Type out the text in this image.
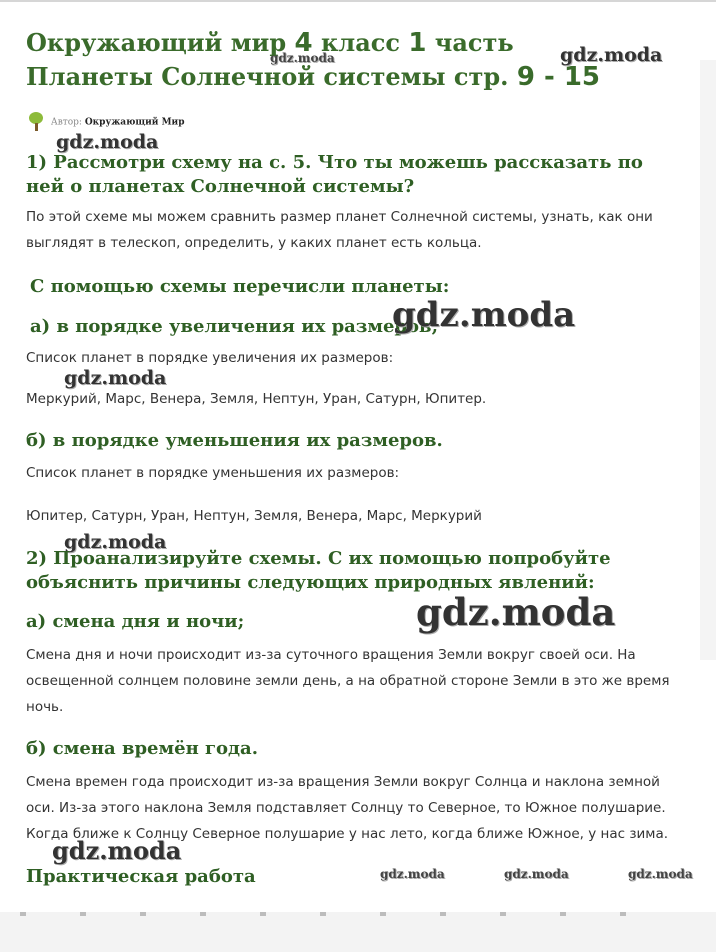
Окружающий мир 4 класс 1 часть Планеты Солнечной системы стр. 9 - 15
gdz.moda	gdz.moda
Автор: Окружающий Мир
gdz.moda
1) Рассмотри схему на с. 5. Что ты можешь рассказать по ней о планетах Солнечной системы?

По этой схеме мы можем сравнить размер планет Солнечной системы, узнать, как они выглядят в телескоп, определить, у каких планет есть кольца.

С помощью схемы перечисли планеты:
а) в порядке увеличения их размеров;
gdz.moda

Список планет в порядке увеличения их размеров:

gdz.moda

Меркурий, Марс, Венера, Земля, Нептун, Уран, Сатурн, Юпитер.

б) в порядке уменьшения их размеров.

Список планет в порядке уменьшения их размеров:

Юпитер, Сатурн, Уран, Нептун, Земля, Венера, Марс, Меркурий

gdz.moda
2) Проанализируйте схемы. С их помощью попробуйте объяснить причины следующих природных явлений:
а) смена дня и ночи;	gdz.moda

Смена дня и ночи происходит из-за суточного вращения Земли вокруг своей оси. На освещенной солнцем половине земли день, а на обратной стороне Земли в это же время ночь.

б) смена времён года.

Смена времен года происходит из-за вращения Земли вокруг Солнца и наклона земной оси. Из-за этого наклона Земля подставляет Солнцу то Северное, то Южное полушарие. Когда ближе к Солнцу Северное полушарие у нас лето, когда ближе Южное, у нас зима.

gdz.moda
Практическая работа	gdz.moda	gdz.moda	gdz.moda
